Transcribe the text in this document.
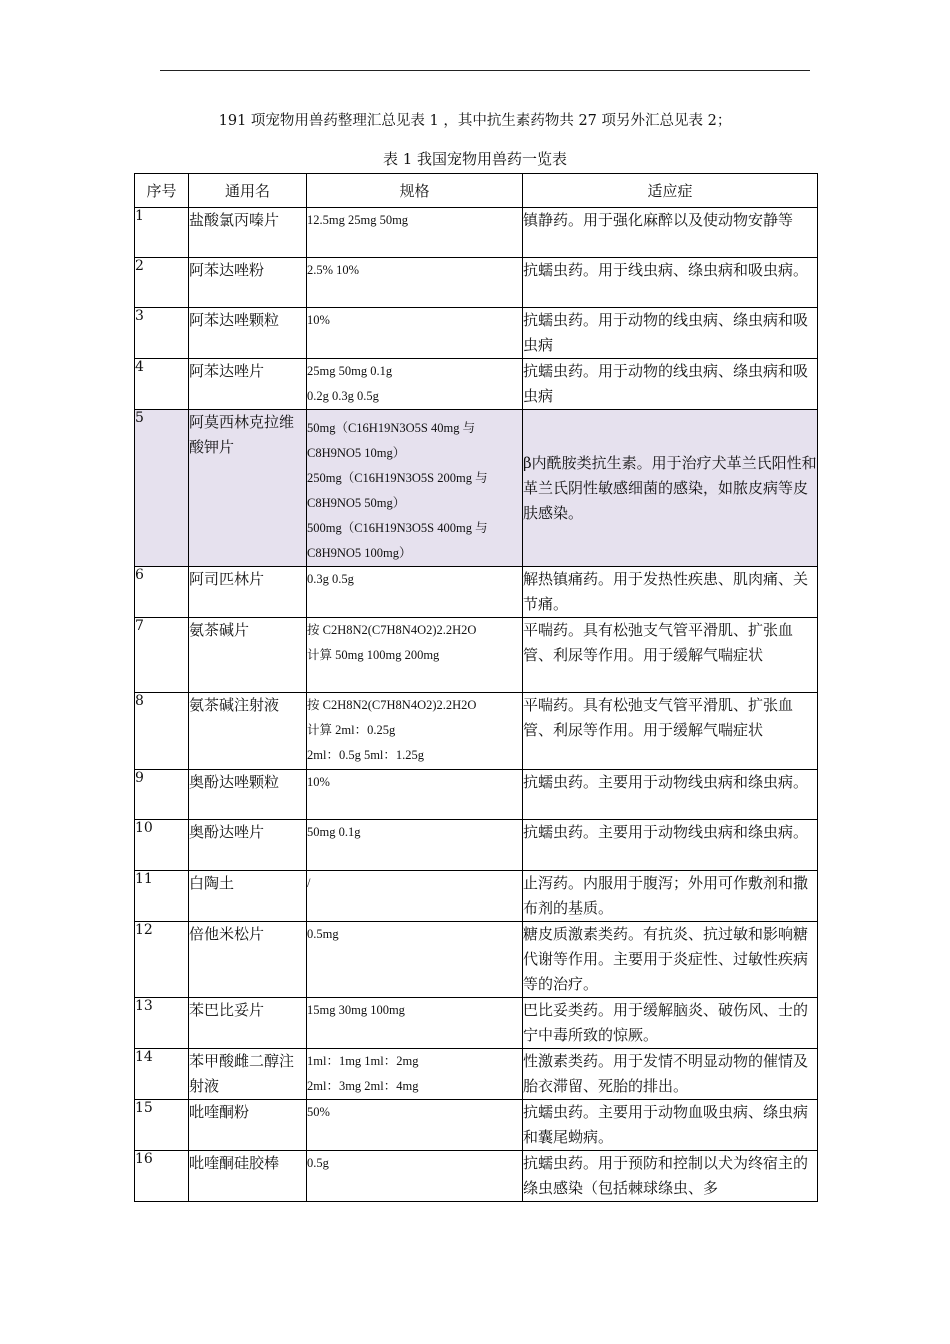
191 项宠物用兽药整理汇总见表 1 ，其中抗生素药物共 27 项另外汇总见表 2；
表 1 我国宠物用兽药一览表
序号	通用名	规格	适应症
1	盐酸氯丙嗪片	12.5mg 25mg 50mg	镇静药。用于强化麻醉以及使动物安静等
2	阿苯达唑粉	2.5% 10%	抗蠕虫药。用于线虫病、绦虫病和吸虫病。
3	阿苯达唑颗粒	10%	抗蠕虫药。用于动物的线虫病、绦虫病和吸虫病
4	阿苯达唑片	25mg 50mg 0.1g
0.2g 0.3g 0.5g	抗蠕虫药。用于动物的线虫病、绦虫病和吸虫病
5	阿莫西林克拉维酸钾片	50mg（C16H19N3O5S 40mg 与 C8H9NO5 10mg）
250mg（C16H19N3O5S 200mg 与 C8H9NO5 50mg）
500mg（C16H19N3O5S 400mg 与 C8H9NO5 100mg）	β内酰胺类抗生素。用于治疗犬革兰氏阳性和革兰氏阴性敏感细菌的感染，如脓皮病等皮肤感染。
6	阿司匹林片	0.3g 0.5g	解热镇痛药。用于发热性疾患、肌肉痛、关节痛。
7	氨茶碱片	按 C2H8N2(C7H8N4O2)2.2H2O
计算 50mg 100mg 200mg	平喘药。具有松弛支气管平滑肌、扩张血管、利尿等作用。用于缓解气喘症状
8	氨茶碱注射液	按 C2H8N2(C7H8N4O2)2.2H2O
计算 2ml：0.25g
2ml：0.5g 5ml：1.25g	平喘药。具有松弛支气管平滑肌、扩张血管、利尿等作用。用于缓解气喘症状
9	奥酚达唑颗粒	10%	抗蠕虫药。主要用于动物线虫病和绦虫病。
10	奥酚达唑片	50mg 0.1g	抗蠕虫药。主要用于动物线虫病和绦虫病。
11	白陶土	/	止泻药。内服用于腹泻；外用可作敷剂和撒布剂的基质。
12	倍他米松片	0.5mg	糖皮质激素类药。有抗炎、抗过敏和影响糖代谢等作用。主要用于炎症性、过敏性疾病等的治疗。
13	苯巴比妥片	15mg 30mg 100mg	巴比妥类药。用于缓解脑炎、破伤风、士的宁中毒所致的惊厥。
14	苯甲酸雌二醇注射液	1ml：1mg 1ml：2mg
2ml：3mg 2ml：4mg	性激素类药。用于发情不明显动物的催情及胎衣滞留、死胎的排出。
15	吡喹酮粉	50%	抗蠕虫药。主要用于动物血吸虫病、绦虫病和囊尾蚴病。
16	吡喹酮硅胶棒	0.5g	抗蠕虫药。用于预防和控制以犬为终宿主的绦虫感染（包括棘球绦虫、多
